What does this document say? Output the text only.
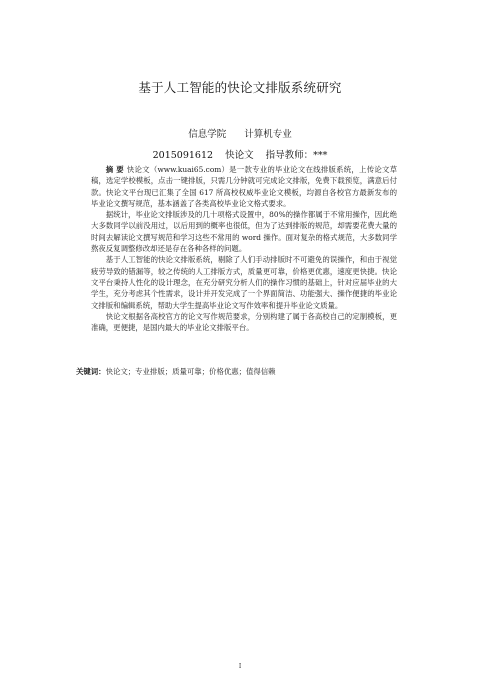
基于人工智能的快论文排版系统研究
信息学院 计算机专业
2015091612 快论文 指导教师：***

摘 要 快论文（www.kuai65.com）是一款专业的毕业论文在线排版系统，上传论文草稿，选定学校模板，点击一键排版，只需几分钟就可完成论文排版，免费下载预览，满意后付款。快论文平台现已汇集了全国 617 所高校权威毕业论文模板，均源自各校官方最新发布的毕业论文撰写规范，基本涵盖了各类高校毕业论文格式要求。

据统计，毕业论文排版涉及的几十项格式设置中，80%的操作都属于不常用操作，因此绝大多数同学以前没用过，以后用到的概率也很低，但为了达到排版的规范，却需要花费大量的时间去解读论文撰写规范和学习这些不常用的 word 操作。面对复杂的格式规范，大多数同学熬夜反复调整修改却还是存在各种各样的问题。

基于人工智能的快论文排版系统，剔除了人们手动排版时不可避免的误操作，和由于视觉疲劳导致的错漏等，较之传统的人工排版方式，质量更可靠，价格更优惠，速度更快捷。快论文平台秉持人性化的设计理念，在充分研究分析人们的操作习惯的基础上，针对应届毕业的大学生，充分考虑其个性需求，设计并开发完成了一个界面简洁、功能强大、操作便捷的毕业论文排版和编辑系统，帮助大学生提高毕业论文写作效率和提升毕业论文质量。

快论文根据各高校官方的论文写作规范要求，分别构建了属于各高校自己的定制模板，更准确，更便捷，是国内最大的毕业论文排版平台。

关键词：快论文；专业排版；质量可靠；价格优惠；值得信赖
I
